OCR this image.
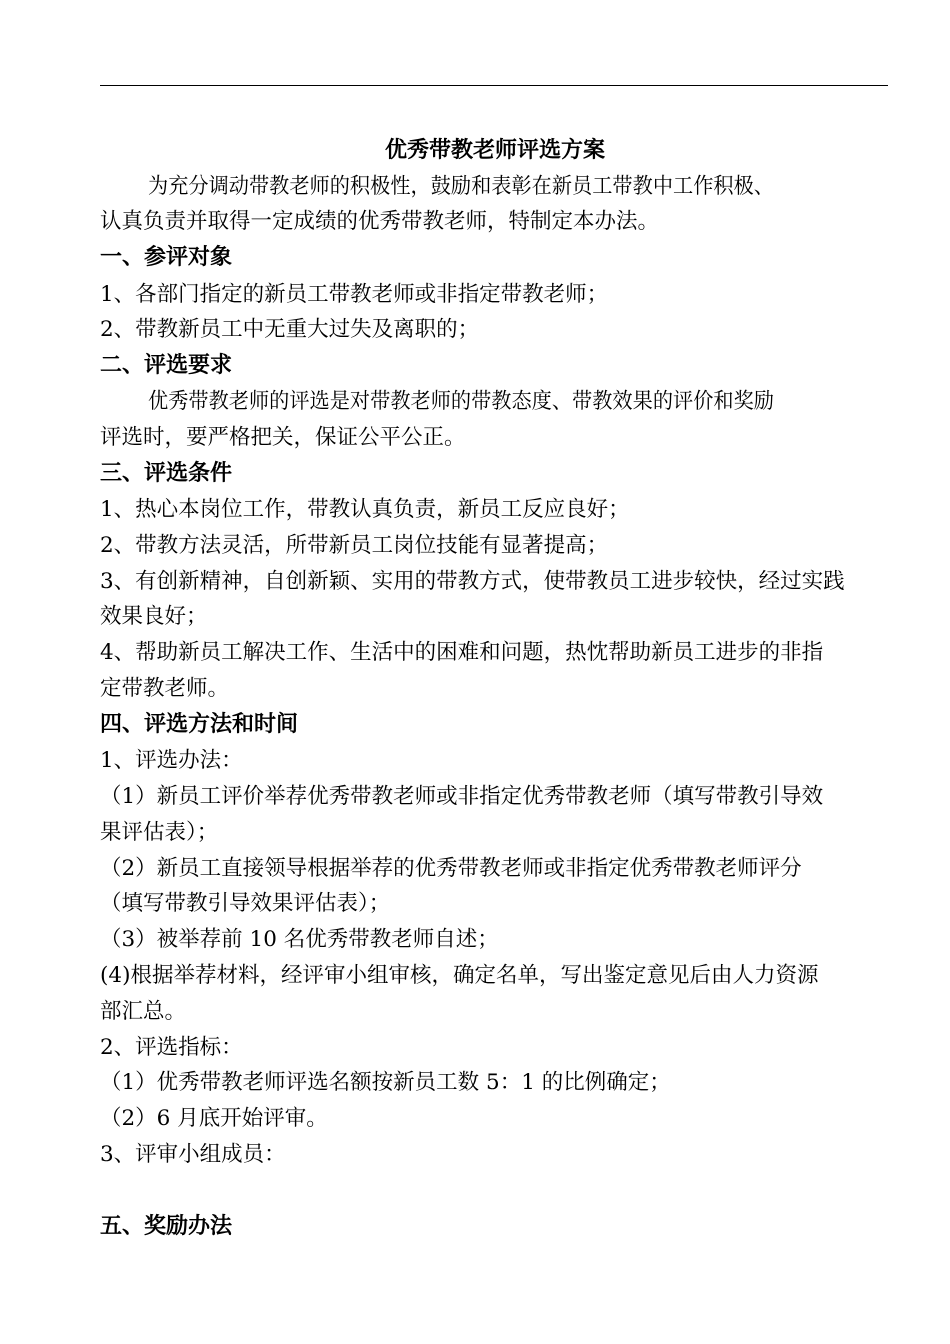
优秀带教老师评选方案
为充分调动带教老师的积极性，鼓励和表彰在新员工带教中工作积极、
认真负责并取得一定成绩的优秀带教老师，特制定本办法。
一、参评对象
1、各部门指定的新员工带教老师或非指定带教老师；
2、带教新员工中无重大过失及离职的；
二、评选要求
优秀带教老师的评选是对带教老师的带教态度、带教效果的评价和奖励
评选时，要严格把关，保证公平公正。
三、评选条件
1、热心本岗位工作，带教认真负责，新员工反应良好；
2、带教方法灵活，所带新员工岗位技能有显著提高；
3、有创新精神，自创新颖、实用的带教方式，使带教员工进步较快，经过实践
效果良好；
4、帮助新员工解决工作、生活中的困难和问题，热忱帮助新员工进步的非指
定带教老师。
四、评选方法和时间
1、评选办法：
（1）新员工评价举荐优秀带教老师或非指定优秀带教老师（填写带教引导效
果评估表）；
（2）新员工直接领导根据举荐的优秀带教老师或非指定优秀带教老师评分
（填写带教引导效果评估表）；
（3）被举荐前 10 名优秀带教老师自述；
(4)根据举荐材料，经评审小组审核，确定名单，写出鉴定意见后由人力资源
部汇总。
2、评选指标：
（1）优秀带教老师评选名额按新员工数 5：1 的比例确定；
（2）6 月底开始评审。
3、评审小组成员：
五、奖励办法
